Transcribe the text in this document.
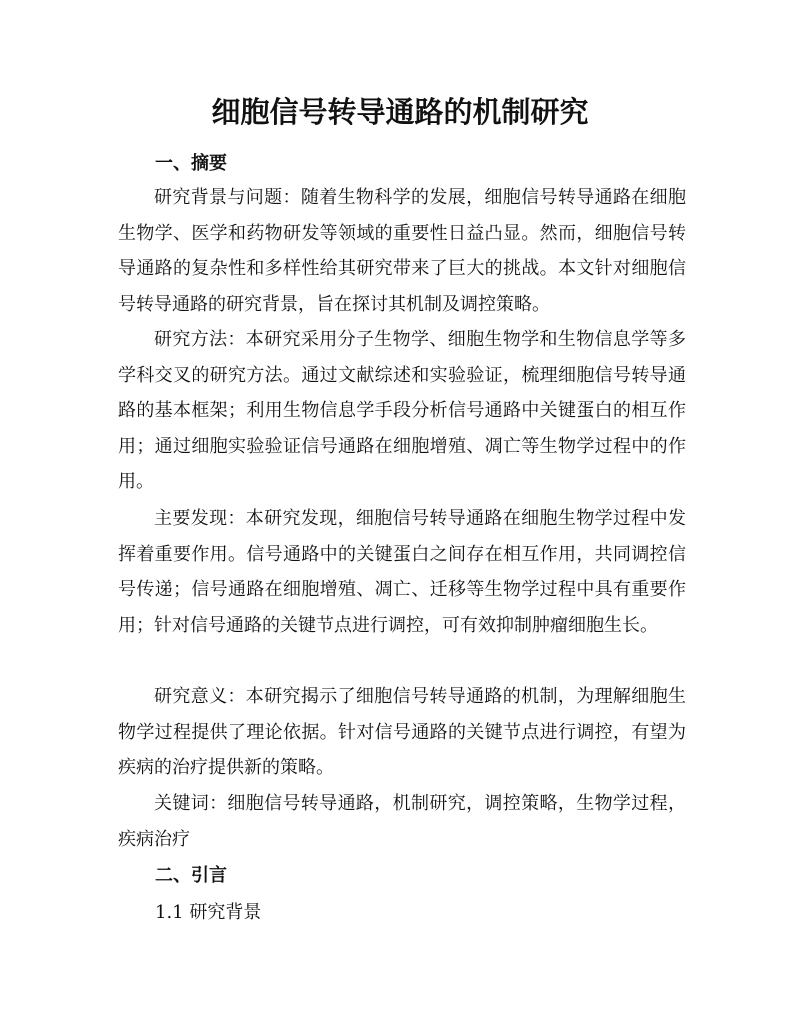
细胞信号转导通路的机制研究
一、摘要

研究背景与问题：随着生物科学的发展，细胞信号转导通路在细胞生物学、医学和药物研发等领域的重要性日益凸显。然而，细胞信号转导通路的复杂性和多样性给其研究带来了巨大的挑战。本文针对细胞信号转导通路的研究背景，旨在探讨其机制及调控策略。

研究方法：本研究采用分子生物学、细胞生物学和生物信息学等多学科交叉的研究方法。通过文献综述和实验验证，梳理细胞信号转导通路的基本框架；利用生物信息学手段分析信号通路中关键蛋白的相互作用；通过细胞实验验证信号通路在细胞增殖、凋亡等生物学过程中的作用。

主要发现：本研究发现，细胞信号转导通路在细胞生物学过程中发挥着重要作用。信号通路中的关键蛋白之间存在相互作用，共同调控信号传递；信号通路在细胞增殖、凋亡、迁移等生物学过程中具有重要作用；针对信号通路的关键节点进行调控，可有效抑制肿瘤细胞生长。

研究意义：本研究揭示了细胞信号转导通路的机制，为理解细胞生物学过程提供了理论依据。针对信号通路的关键节点进行调控，有望为疾病的治疗提供新的策略。

关键词：细胞信号转导通路，机制研究，调控策略，生物学过程，疾病治疗

二、引言
1.1 研究背景
